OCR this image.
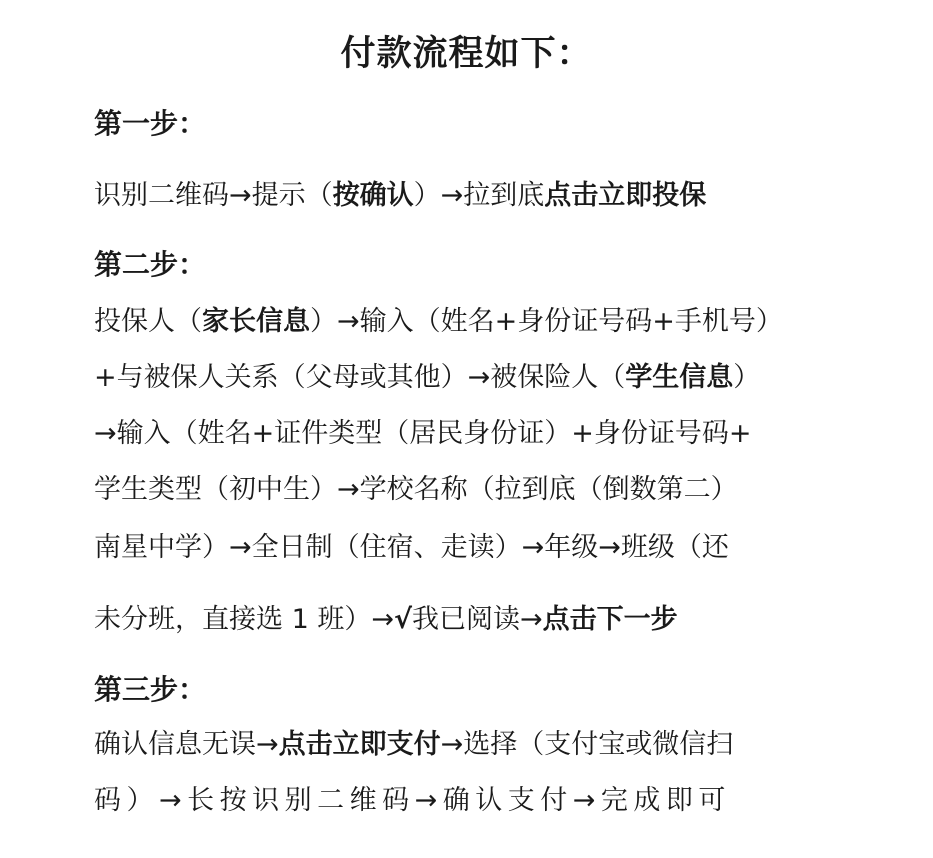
付款流程如下：
第一步：
识别二维码→提示（按确认）→拉到底点击立即投保
第二步：
投保人（家长信息）→输入（姓名+身份证号码+手机号）
+与被保人关系（父母或其他）→被保险人（学生信息）
→输入（姓名+证件类型（居民身份证）+身份证号码+
学生类型（初中生）→学校名称（拉到底（倒数第二）
南星中学）→全日制（住宿、走读）→年级→班级（还
未分班，直接选 1 班）→√我已阅读→点击下一步
第三步：
确认信息无误→点击立即支付→选择（支付宝或微信扫
码）→长按识别二维码→确认支付→完成即可
